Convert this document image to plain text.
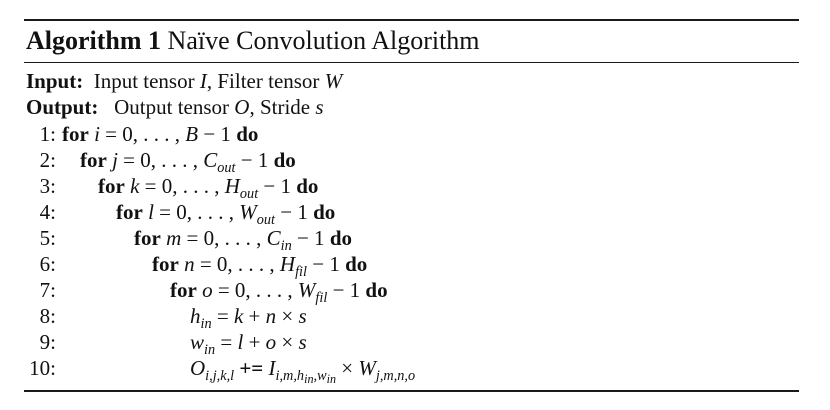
Algorithm 1 Naïve Convolution Algorithm
Input:  Input tensor I, Filter tensor W
Output:   Output tensor O, Stride s
1: for i = 0, . . . , B − 1 do
2: for j = 0, . . . , $C_{out} - 1$ do
3: for k = 0, . . . , $H_{out} - 1$ do
4:	for l = 0, . . . , $W_{out} - 1$ do
5:	for m = 0, . . . , $C_{in} - 1$ do
6:	for n = 0, . . . , $H_{fil} - 1$ do
7:	for o = 0, . . . , $W_{fil} - 1$ do
8:	$h_{in} = k + n \times s$
9:	$w_{in} = l + o \times s$
10:	$O_{i,j,k,l} += I_{i,m,h_{in},w_{in}} \times W_{j,m,n,o}$
